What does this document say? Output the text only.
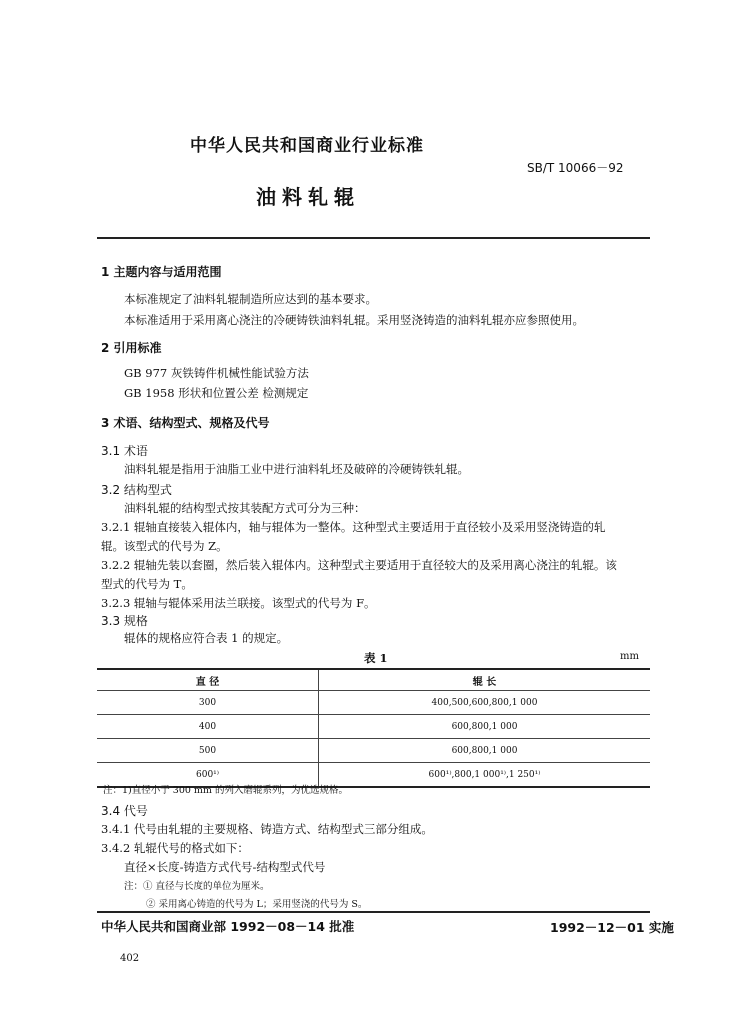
中华人民共和国商业行业标准
SB/T 10066－92
油料轧辊
1 主题内容与适用范围
本标准规定了油料轧辊制造所应达到的基本要求。
本标准适用于采用离心浇注的冷硬铸铁油料轧辊。采用竖浇铸造的油料轧辊亦应参照使用。
2 引用标准
GB 977 灰铁铸件机械性能试验方法
GB 1958 形状和位置公差 检测规定
3 术语、结构型式、规格及代号
3.1 术语
油料轧辊是指用于油脂工业中进行油料轧坯及破碎的冷硬铸铁轧辊。
3.2 结构型式
油料轧辊的结构型式按其装配方式可分为三种：
3.2.1 辊轴直接装入辊体内，轴与辊体为一整体。这种型式主要适用于直径较小及采用竖浇铸造的轧
辊。该型式的代号为 Z。
3.2.2 辊轴先装以套圈，然后装入辊体内。这种型式主要适用于直径较大的及采用离心浇注的轧辊。该
型式的代号为 T。
3.2.3 辊轴与辊体采用法兰联接。该型式的代号为 F。
3.3 规格
辊体的规格应符合表 1 的规定。
表 1	mm
直 径	辊 长
300	400,500,600,800,1 000
400	600,800,1 000
500	600,800,1 000
600¹⁾	600¹⁾,800,1 000¹⁾,1 250¹⁾
注：1)直径小于 300 mm 的列入磨辊系列，为优选规格。
3.4 代号
3.4.1 代号由轧辊的主要规格、铸造方式、结构型式三部分组成。
3.4.2 轧辊代号的格式如下：
直径×长度-铸造方式代号-结构型式代号
注：① 直径与长度的单位为厘米。
② 采用离心铸造的代号为 L；采用竖浇的代号为 S。
中华人民共和国商业部 1992－08－14 批准	1992－12－01 实施
402
